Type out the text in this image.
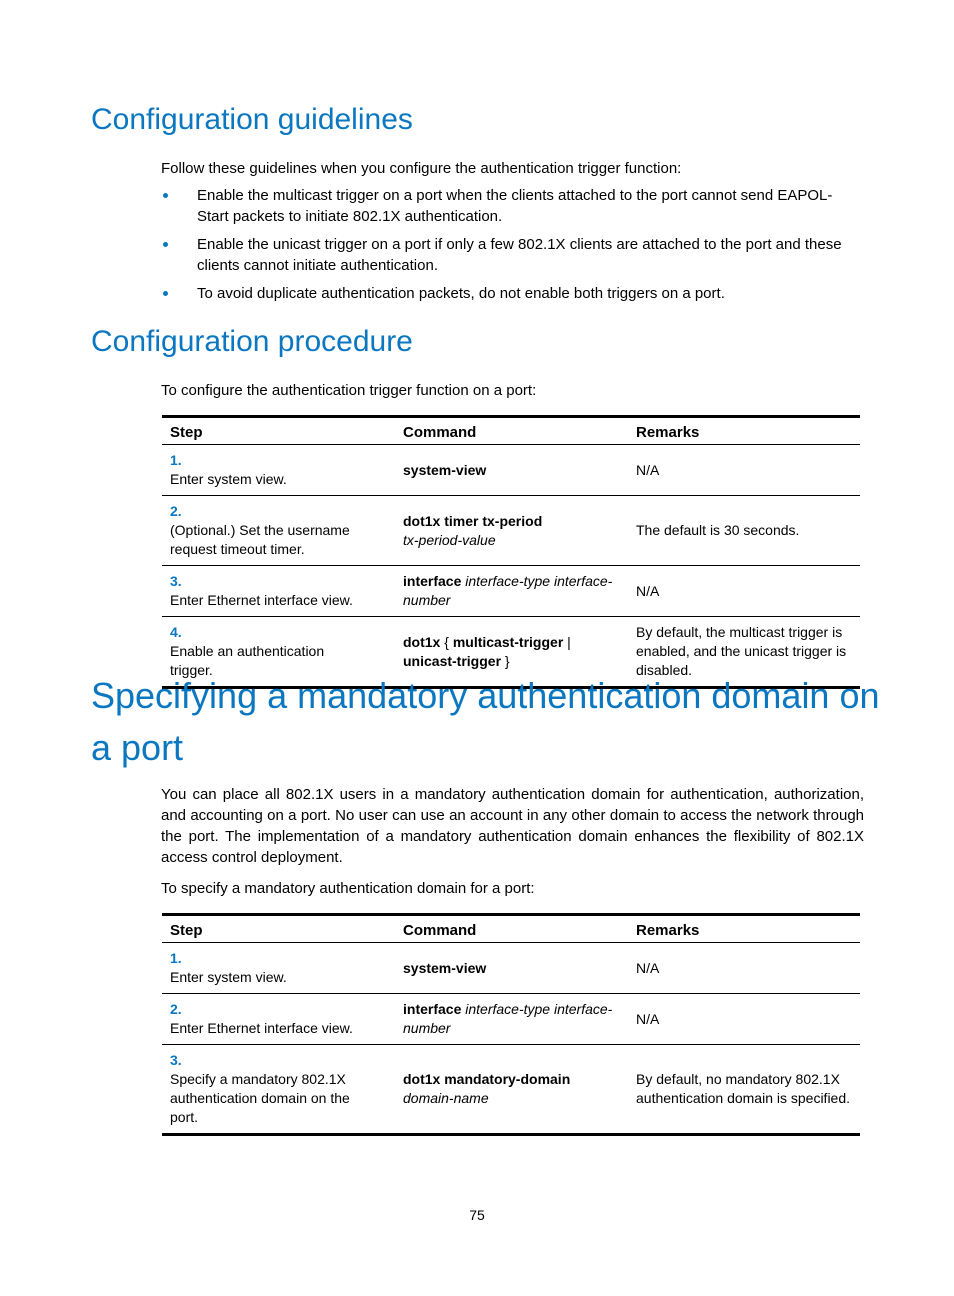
Configuration guidelines

Follow these guidelines when you configure the authentication trigger function:

Enable the multicast trigger on a port when the clients attached to the port cannot send EAPOL-Start packets to initiate 802.1X authentication.
Enable the unicast trigger on a port if only a few 802.1X clients are attached to the port and these clients cannot initiate authentication.
To avoid duplicate authentication packets, do not enable both triggers on a port.
Configuration procedure

To configure the authentication trigger function on a port:

Step	Command	Remarks
1.Enter system view.	system-view	N/A
2.(Optional.) Set the username request timeout timer.	dot1x timer tx-period
tx-period-value	The default is 30 seconds.
3.Enter Ethernet interface view.	interface interface-type interface-number	N/A
4.Enable an authentication trigger.	dot1x { multicast-trigger |
unicast-trigger }	By default, the multicast trigger is enabled, and the unicast trigger is disabled.
Specifying a mandatory authentication domain on a port

You can place all 802.1X users in a mandatory authentication domain for authentication, authorization, and accounting on a port. No user can use an account in any other domain to access the network through the port. The implementation of a mandatory authentication domain enhances the flexibility of 802.1X access control deployment.

To specify a mandatory authentication domain for a port:

Step	Command	Remarks
1.Enter system view.	system-view	N/A
2.Enter Ethernet interface view.	interface interface-type interface-number	N/A
3.Specify a mandatory 802.1X authentication domain on the port.	dot1x mandatory-domain
domain-name	By default, no mandatory 802.1X authentication domain is specified.
75
